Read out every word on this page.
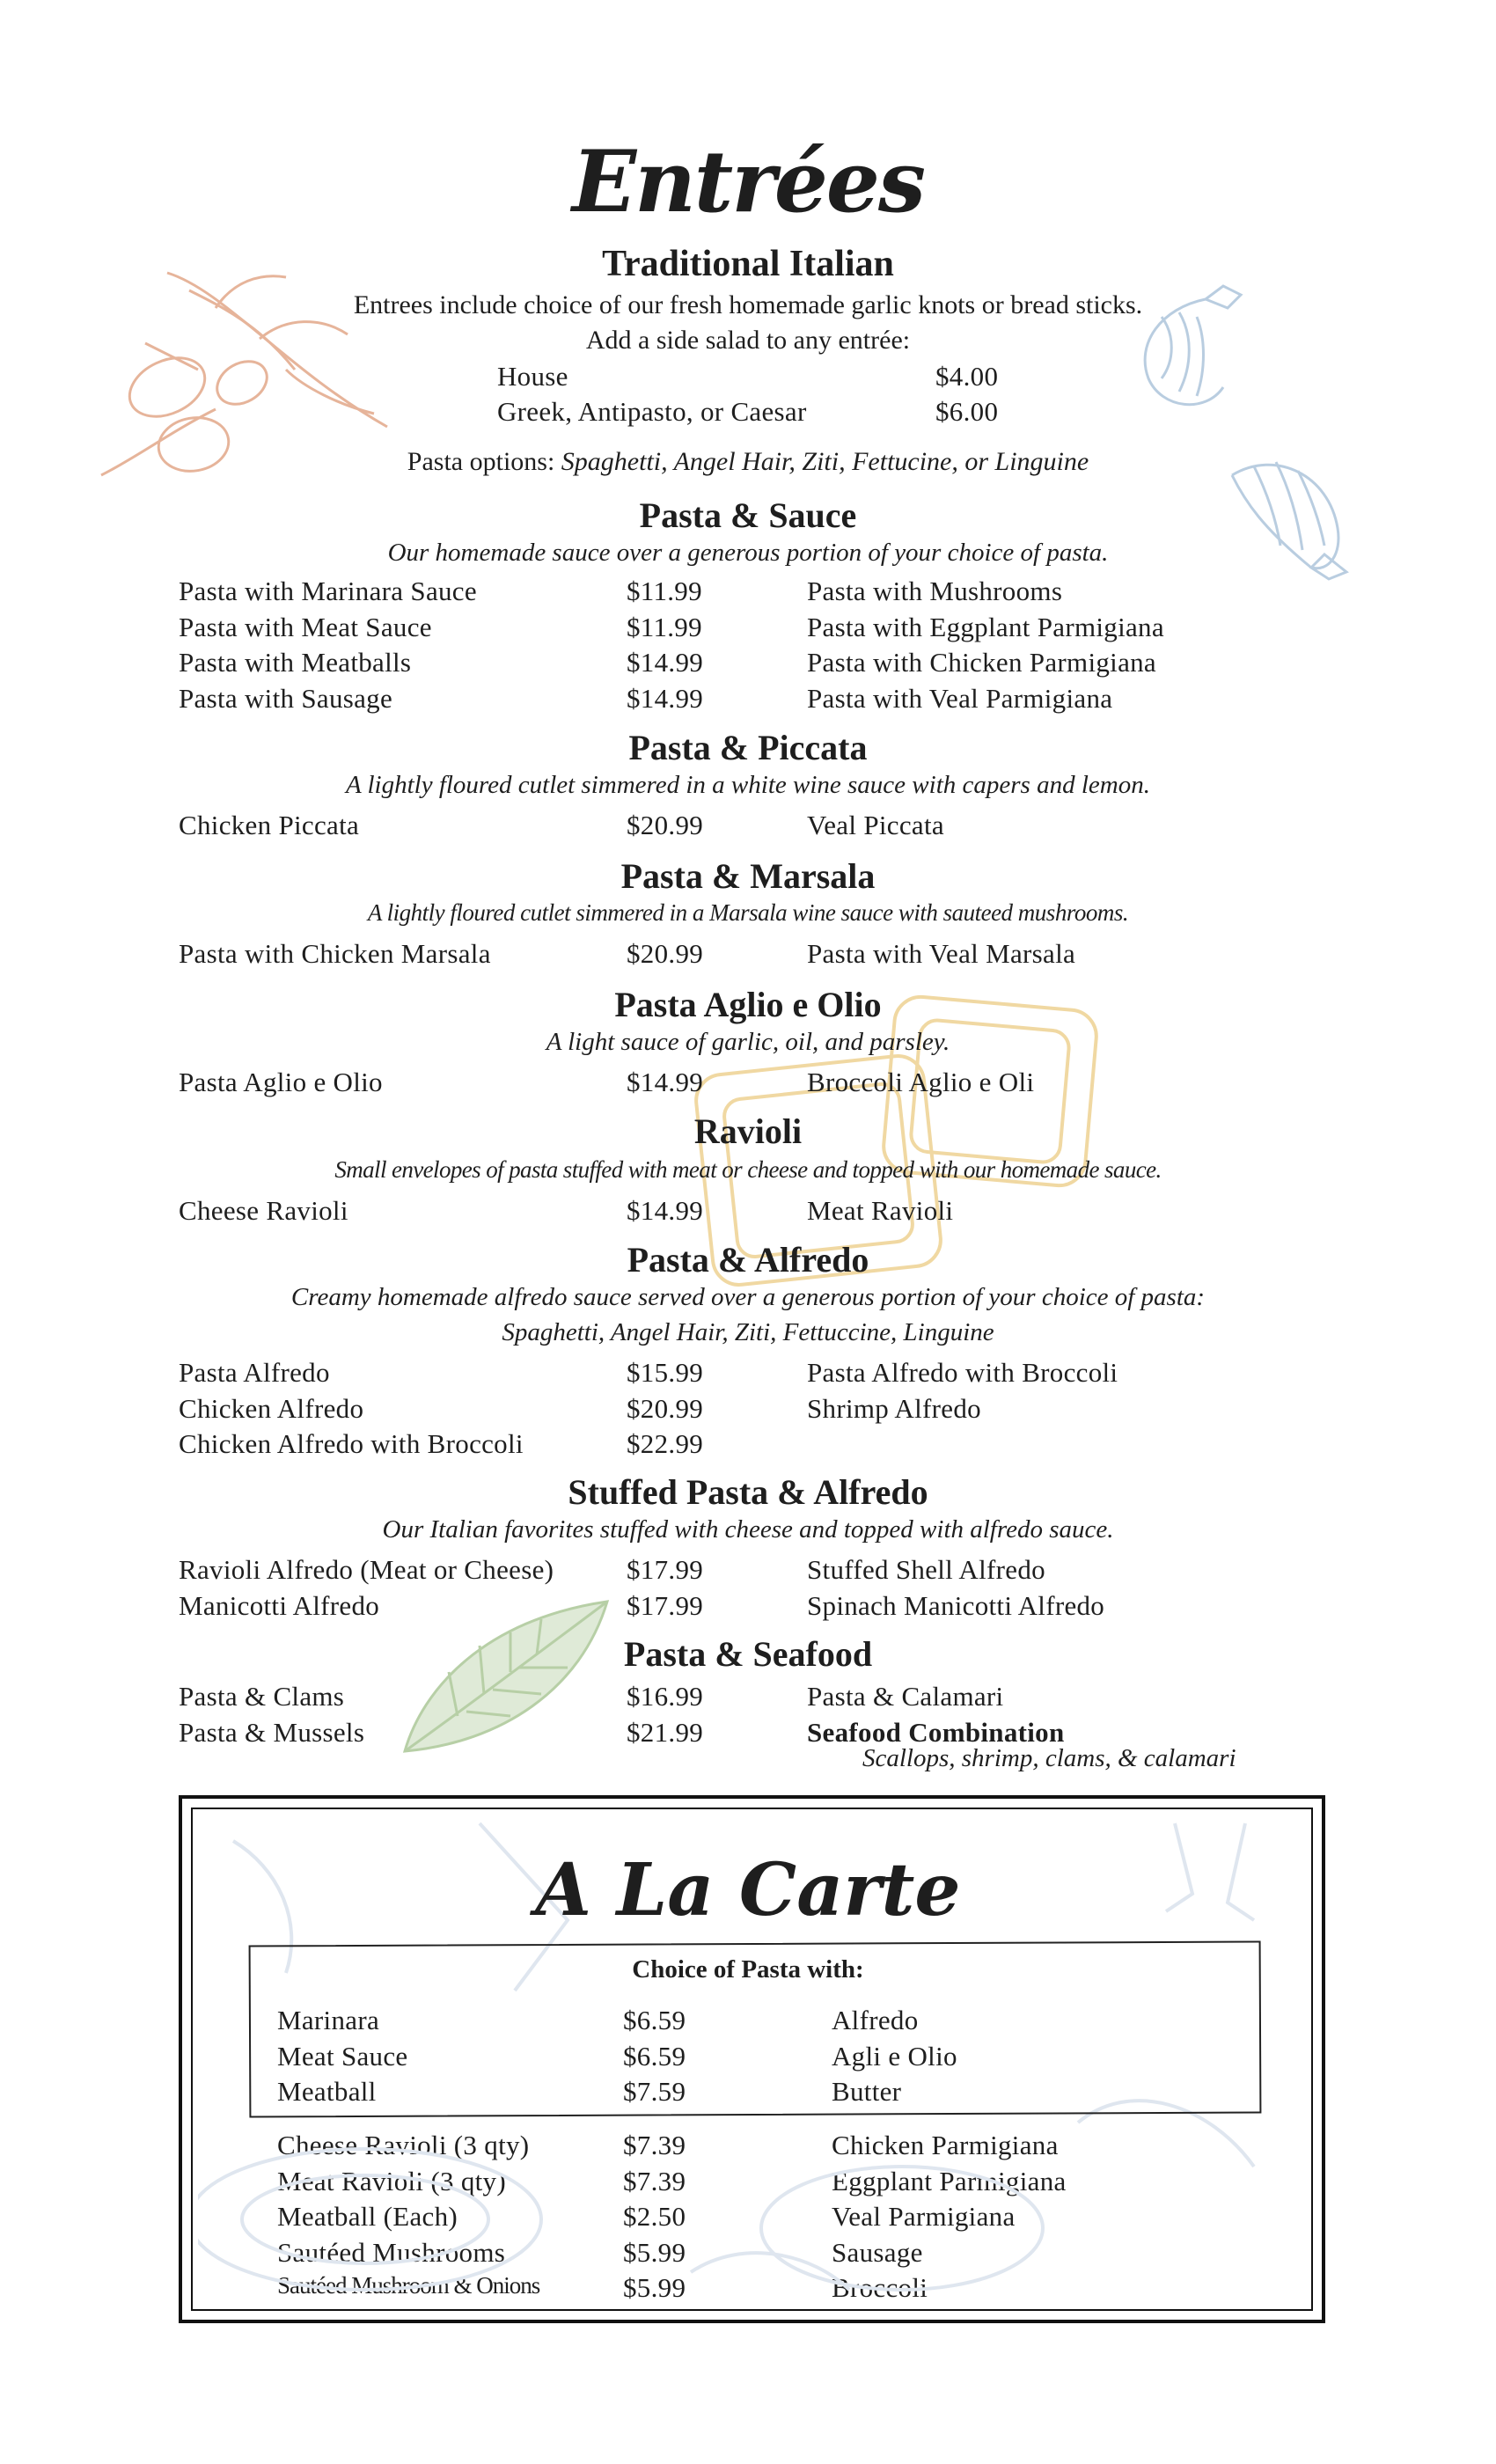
Entrées
Traditional Italian
Entrees include choice of our fresh homemade garlic knots or bread sticks.
Add a side salad to any entrée:
House	$4.00
Greek, Antipasto, or Caesar	$6.00
Pasta options: Spaghetti, Angel Hair, Ziti, Fettucine, or Linguine
Pasta & Sauce
Our homemade sauce over a generous portion of your choice of pasta.
Pasta & Piccata
A lightly floured cutlet simmered in a white wine sauce with capers and lemon.
Pasta & Marsala
A lightly floured cutlet simmered in a Marsala wine sauce with sauteed mushrooms.
Pasta Aglio e Olio
A light sauce of garlic, oil, and parsley.
Ravioli
Small envelopes of pasta stuffed with meat or cheese and topped with our homemade sauce.
Pasta & Alfredo
Creamy homemade alfredo sauce served over a generous portion of your choice of pasta:
Spaghetti, Angel Hair, Ziti, Fettuccine, Linguine
Stuffed Pasta & Alfredo
Our Italian favorites stuffed with cheese and topped with alfredo sauce.
Pasta & Seafood
Scallops, shrimp, clams, & calamari
Pasta with Marinara Sauce	$11.99	Pasta with Mushrooms
Pasta with Meat Sauce	$11.99	Pasta with Eggplant Parmigiana
Pasta with Meatballs	$14.99	Pasta with Chicken Parmigiana
Pasta with Sausage	$14.99	Pasta with Veal Parmigiana
Chicken Piccata	$20.99	Veal Piccata
Pasta with Chicken Marsala	$20.99	Pasta with Veal Marsala
Pasta Aglio e Olio	$14.99	Broccoli Aglio e Oli
Cheese Ravioli	$14.99	Meat Ravioli
Pasta Alfredo	$15.99	Pasta Alfredo with Broccoli
Chicken Alfredo	$20.99	Shrimp Alfredo
Chicken Alfredo with Broccoli	$22.99
Ravioli Alfredo (Meat or Cheese)	$17.99	Stuffed Shell Alfredo
Manicotti Alfredo	$17.99	Spinach Manicotti Alfredo
Pasta & Clams	$16.99	Pasta & Calamari
Pasta & Mussels	$21.99	Seafood Combination
Marinara	$6.59	Alfredo
Meat Sauce	$6.59	Agli e Olio
Meatball	$7.59	Butter
Cheese Ravioli (3 qty)	$7.39	Chicken Parmigiana
Meat Ravioli (3 qty)	$7.39	Eggplant Parmigiana
Meatball (Each)	$2.50	Veal Parmigiana
Sautéed Mushrooms	$5.99	Sausage
Sautéed Mushroom & Onions	$5.99	Broccoli
A La Carte
Choice of Pasta with:
